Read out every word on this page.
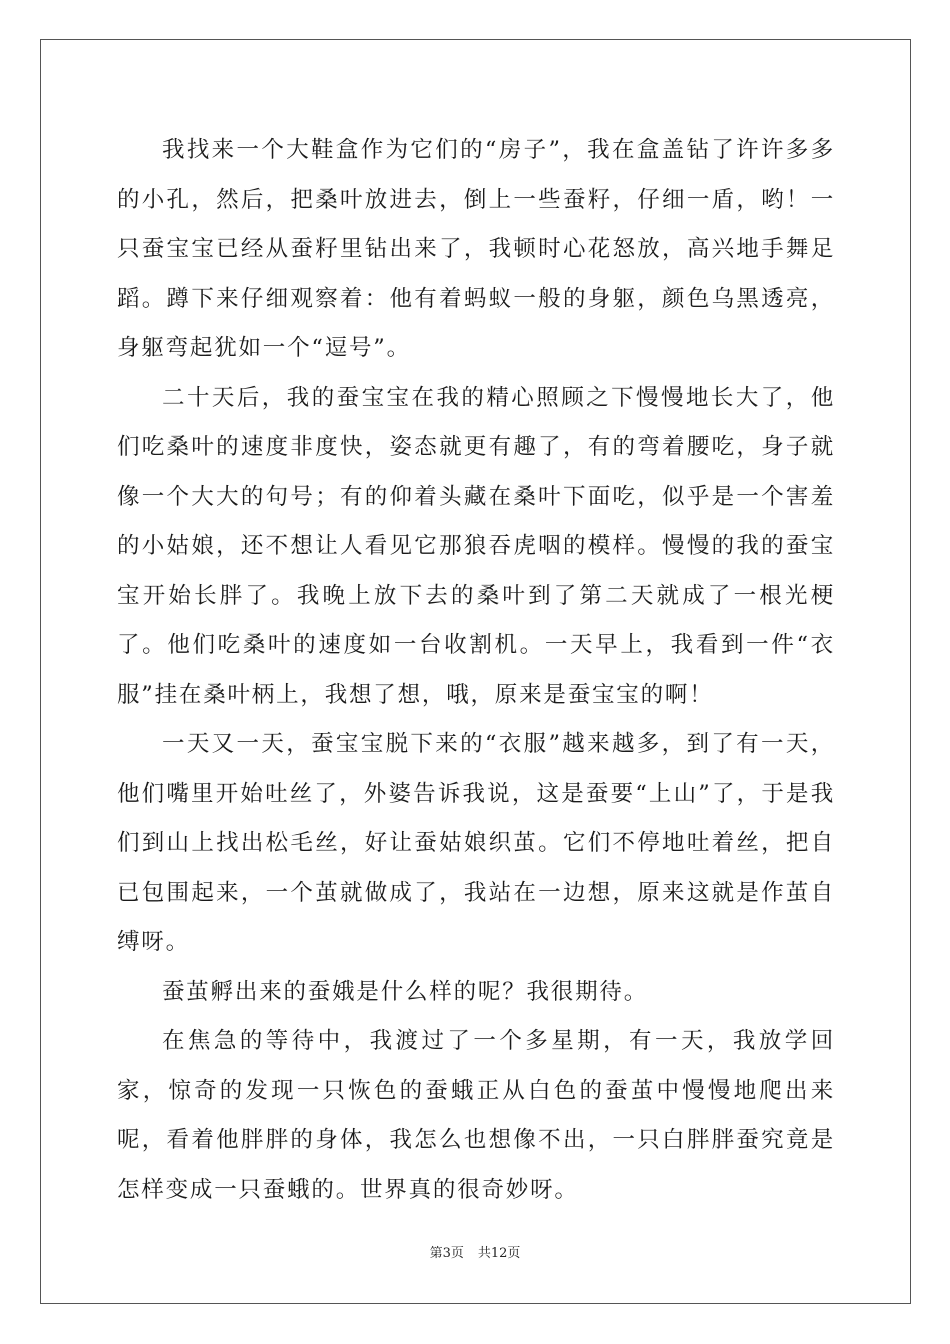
我找来一个大鞋盒作为它们的“房子”，我在盒盖钻了许许多多的小孔，然后，把桑叶放进去，倒上一些蚕籽，仔细一盾，哟！一只蚕宝宝已经从蚕籽里钻出来了，我顿时心花怒放，高兴地手舞足蹈。蹲下来仔细观察着：他有着蚂蚁一般的身躯，颜色乌黑透亮，身躯弯起犹如一个“逗号”。

二十天后，我的蚕宝宝在我的精心照顾之下慢慢地长大了，他们吃桑叶的速度非度快，姿态就更有趣了，有的弯着腰吃，身子就像一个大大的句号；有的仰着头藏在桑叶下面吃，似乎是一个害羞的小姑娘，还不想让人看见它那狼吞虎咽的模样。慢慢的我的蚕宝宝开始长胖了。我晚上放下去的桑叶到了第二天就成了一根光梗了。他们吃桑叶的速度如一台收割机。一天早上，我看到一件“衣服”挂在桑叶柄上，我想了想，哦，原来是蚕宝宝的啊！

一天又一天，蚕宝宝脱下来的“衣服”越来越多，到了有一天，他们嘴里开始吐丝了，外婆告诉我说，这是蚕要“上山”了，于是我们到山上找出松毛丝，好让蚕姑娘织茧。它们不停地吐着丝，把自已包围起来，一个茧就做成了，我站在一边想，原来这就是作茧自缚呀。

蚕茧孵出来的蚕娥是什么样的呢？我很期待。

在焦急的等待中，我渡过了一个多星期，有一天，我放学回家，惊奇的发现一只恢色的蚕蛾正从白色的蚕茧中慢慢地爬出来呢，看着他胖胖的身体，我怎么也想像不出，一只白胖胖蚕究竟是怎样变成一只蚕蛾的。世界真的很奇妙呀。

第3页 共12页
